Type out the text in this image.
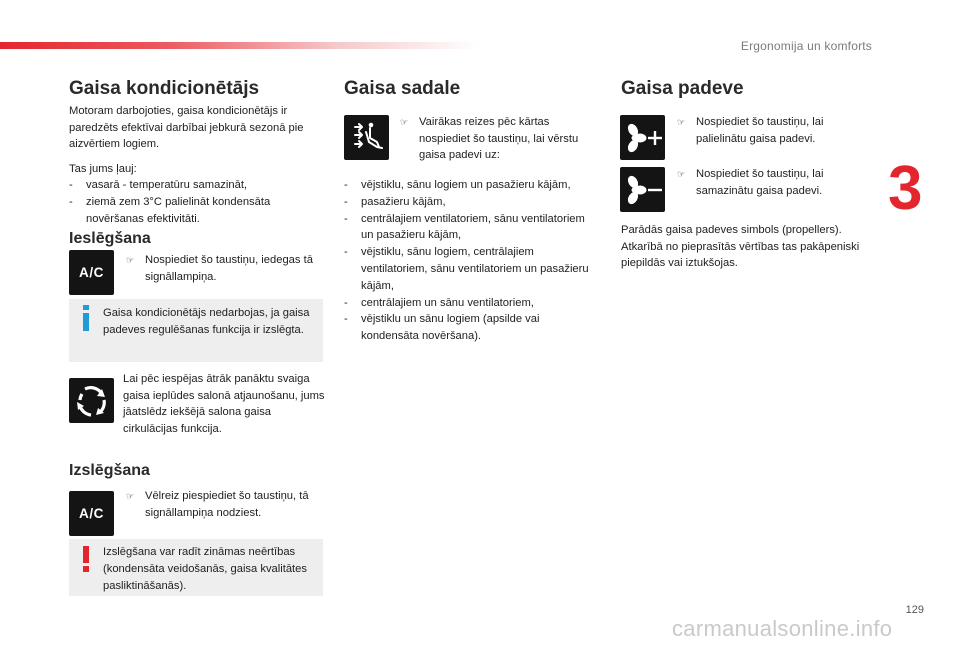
Ergonomija un komforts
3
Gaisa kondicionētājs
Motoram darbojoties, gaisa kondicionētājs ir paredzēts efektīvai darbībai jebkurā sezonā pie aizvērtiem logiem.
Tas jums ļauj:
- vasarā - temperatūru samazināt,
- ziemā zem 3°C palielināt kondensāta novēršanas efektivitāti.
Ieslēgšana
A/C
☞ Nospiediet šo taustiņu, iedegas tā signāllampiņa.
Gaisa kondicionētājs nedarbojas, ja gaisa padeves regulēšanas funkcija ir izslēgta.
Lai pēc iespējas ātrāk panāktu svaiga gaisa ieplūdes salonā atjaunošanu, jums jāatslēdz iekšējā salona gaisa cirkulācijas funkcija.
Izslēgšana
A/C
☞ Vēlreiz piespiediet šo taustiņu, tā signāllampiņa nodziest.
Izslēgšana var radīt zināmas neērtības (kondensāta veidošanās, gaisa kvalitātes pasliktināšanās).
Gaisa sadale
☞ Vairākas reizes pēc kārtas nospiediet šo taustiņu, lai vērstu gaisa padevi uz:
- vējstiklu, sānu logiem un pasažieru kājām,
- pasažieru kājām,
- centrālajiem ventilatoriem, sānu ventilatoriem un pasažieru kājām,
- vējstiklu, sānu logiem, centrālajiem ventilatoriem, sānu ventilatoriem un pasažieru kājām,
- centrālajiem un sānu ventilatoriem,
- vējstiklu un sānu logiem (apsilde vai kondensāta novēršana).
Gaisa padeve
☞ Nospiediet šo taustiņu, lai palielinātu gaisa padevi.
☞ Nospiediet šo taustiņu, lai samazinātu gaisa padevi.
Parādās gaisa padeves simbols (propellers). Atkarībā no pieprasītās vērtības tas pakāpeniski piepildās vai iztukšojas.
129
carmanualsonline.info
